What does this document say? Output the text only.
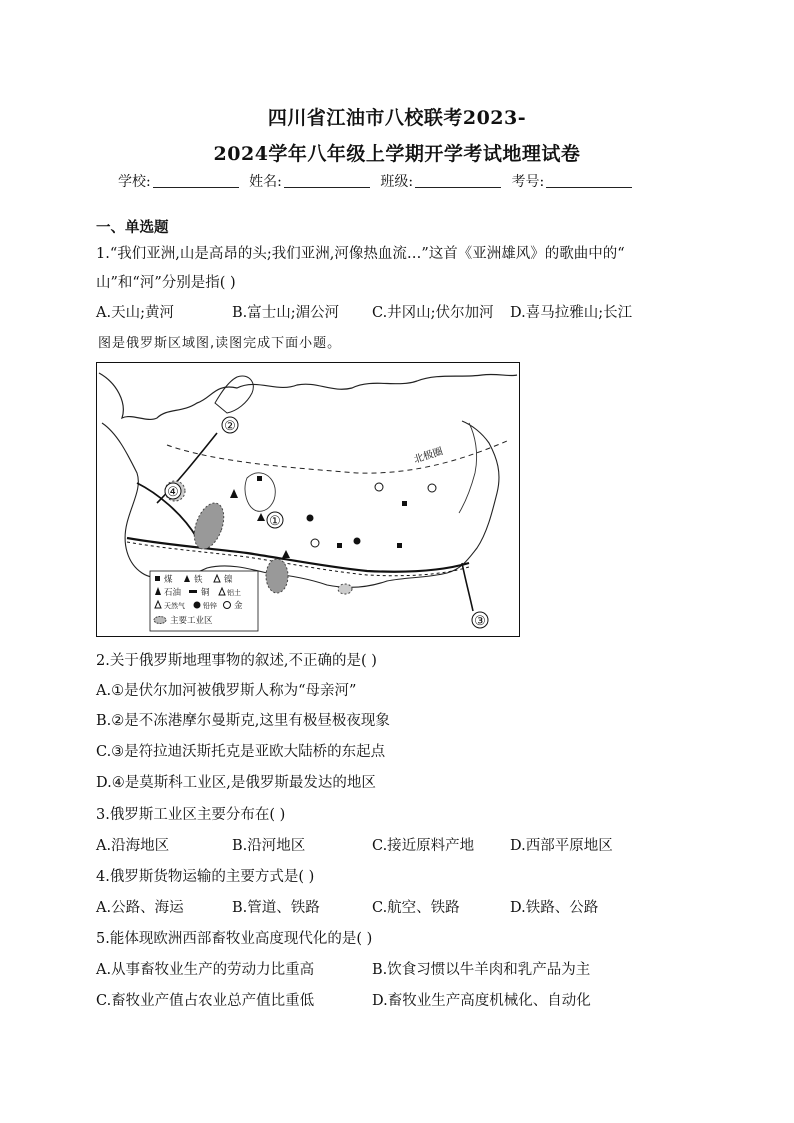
四川省江油市八校联考2023-
2024学年八年级上学期开学考试地理试卷
学校:	姓名:	班级:	考号:
一、单选题
1.“我们亚洲,山是高昂的头;我们亚洲,河像热血流…”这首《亚洲雄风》的歌曲中的“
山”和“河”分别是指( )
A.天山;黄河	B.富士山;湄公河 C.井冈山;伏尔加河 D.喜马拉雅山;长江
图是俄罗斯区域图,读图完成下面小题。
北极圈
①
②
③
④
煤	铁	镍
石油 铜 铝土
天然气	铅锌 金
主要工业区
2.关于俄罗斯地理事物的叙述,不正确的是( )
A.①是伏尔加河被俄罗斯人称为“母亲河”
B.②是不冻港摩尔曼斯克,这里有极昼极夜现象
C.③是符拉迪沃斯托克是亚欧大陆桥的东起点
D.④是莫斯科工业区,是俄罗斯最发达的地区
3.俄罗斯工业区主要分布在( )
A.沿海地区	B.沿河地区	C.接近原料产地 D.西部平原地区
4.俄罗斯货物运输的主要方式是( )
A.公路、海运	B.管道、铁路	C.航空、铁路	D.铁路、公路
5.能体现欧洲西部畜牧业高度现代化的是( )
A.从事畜牧业生产的劳动力比重高	B.饮食习惯以牛羊肉和乳产品为主
C.畜牧业产值占农业总产值比重低	D.畜牧业生产高度机械化、自动化
